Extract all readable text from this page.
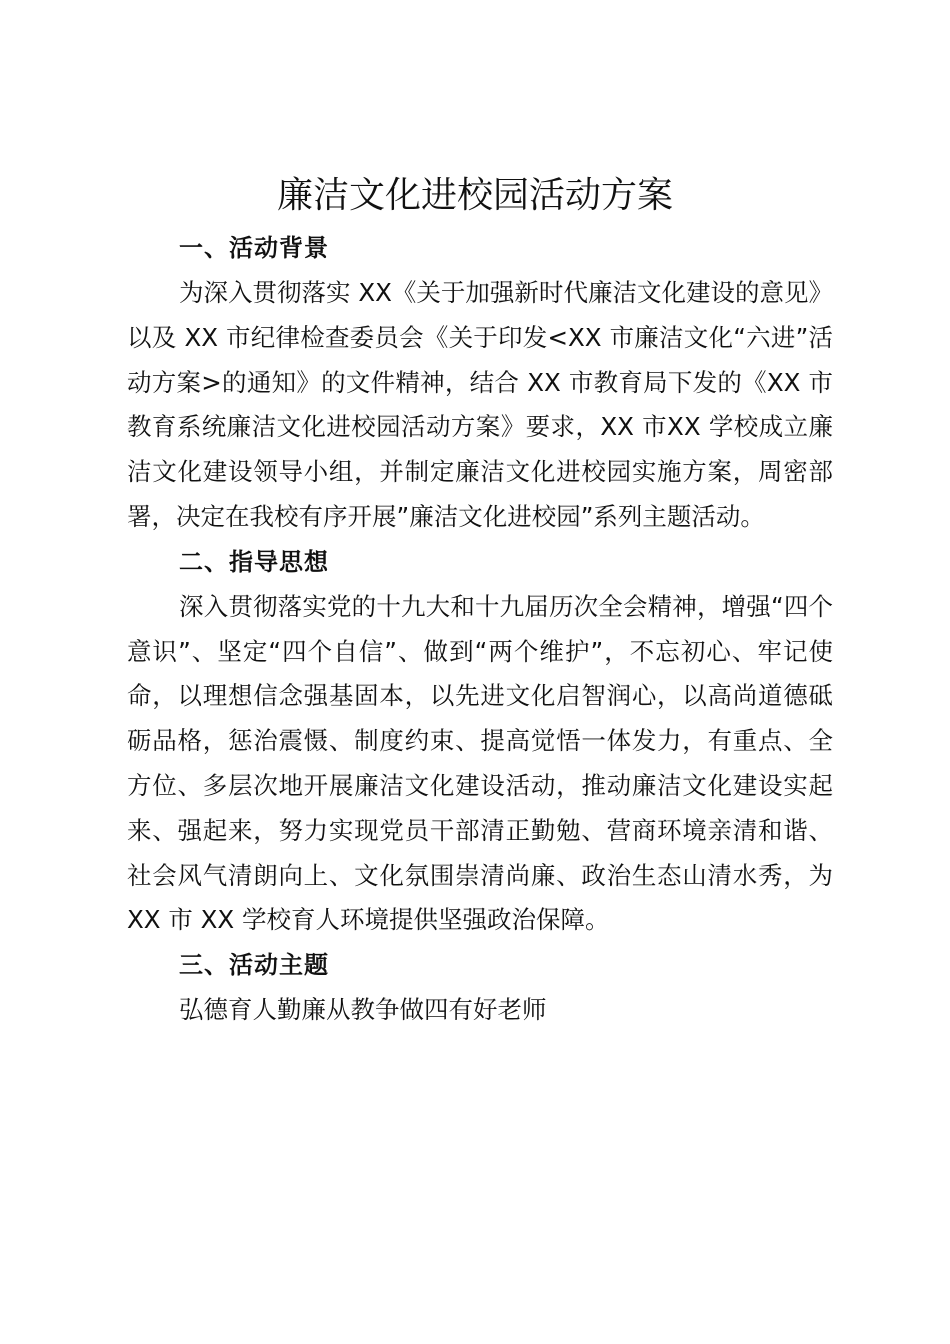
廉洁文化进校园活动方案

一、活动背景

为深入贯彻落实 XX《关于加强新时代廉洁文化建设的意见》以及 XX 市纪律检查委员会《关于印发<XX 市廉洁文化“六进”活动方案>的通知》的文件精神，结合 XX 市教育局下发的《XX 市教育系统廉洁文化进校园活动方案》要求，XX 市XX 学校成立廉洁文化建设领导小组，并制定廉洁文化进校园实施方案，周密部署，决定在我校有序开展”廉洁文化进校园”系列主题活动。

二、指导思想

深入贯彻落实党的十九大和十九届历次全会精神，增强“四个意识”、坚定“四个自信”、做到“两个维护”，不忘初心、牢记使命，以理想信念强基固本，以先进文化启智润心，以高尚道德砥砺品格，惩治震慑、制度约束、提高觉悟一体发力，有重点、全方位、多层次地开展廉洁文化建设活动，推动廉洁文化建设实起来、强起来，努力实现党员干部清正勤勉、营商环境亲清和谐、社会风气清朗向上、文化氛围崇清尚廉、政治生态山清水秀，为 XX 市 XX 学校育人环境提供坚强政治保障。

三、活动主题

弘德育人勤廉从教争做四有好老师
